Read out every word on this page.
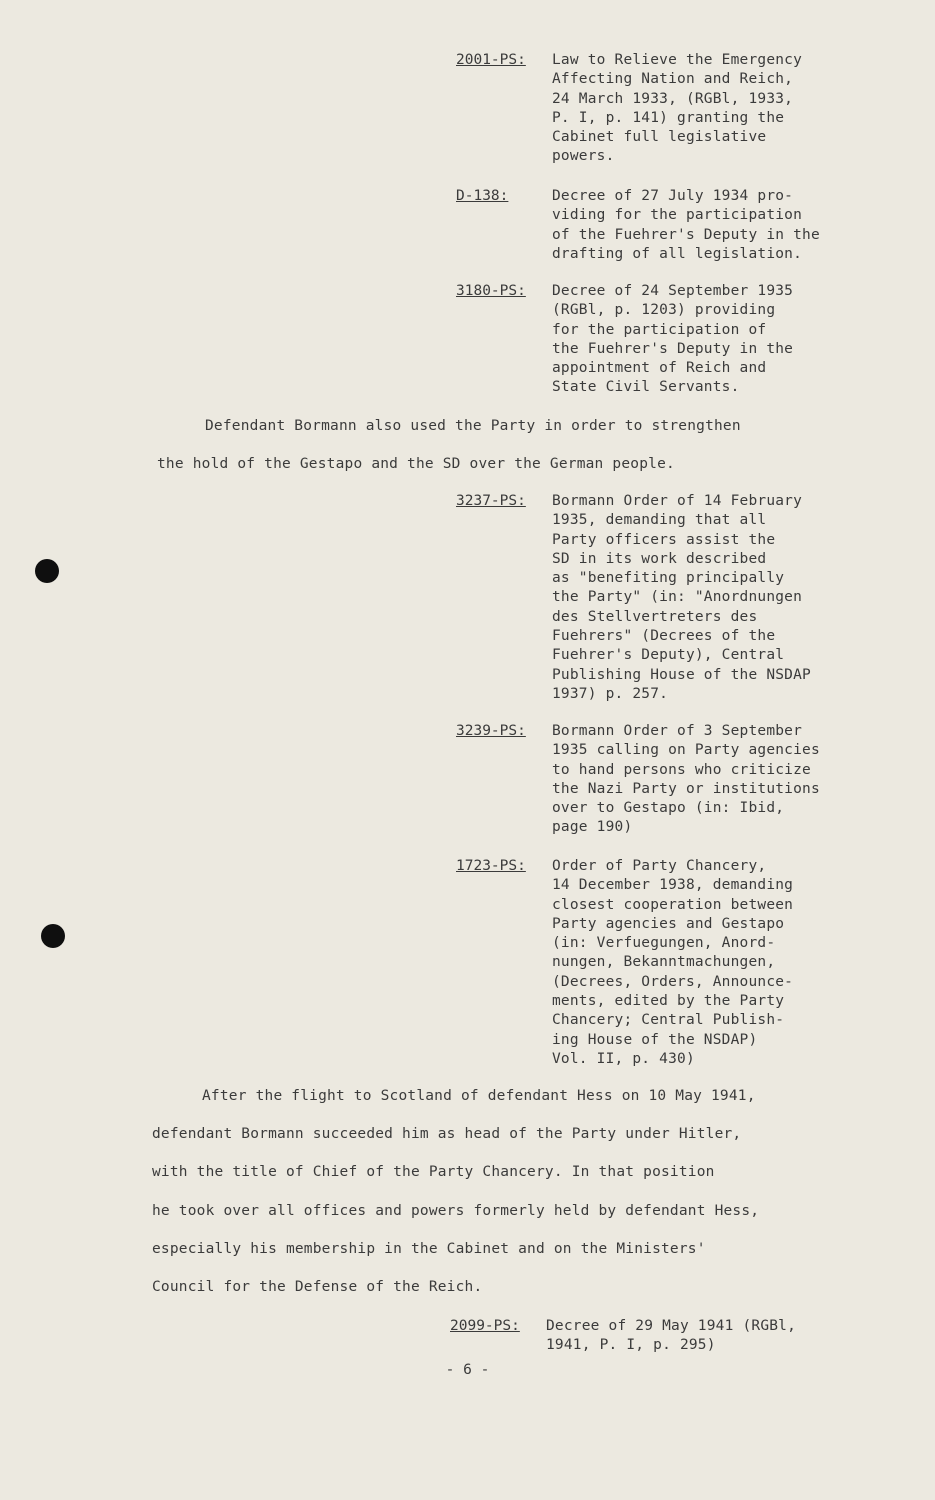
2001-PS:	Law to Relieve the Emergency
Affecting Nation and Reich,
24 March 1933, (RGBl, 1933,
P. I, p. 141) granting the
Cabinet full legislative
powers.
D-138:	Decree of 27 July 1934 pro-
viding for the participation
of the Fuehrer's Deputy in the
drafting of all legislation.
3180-PS:	Decree of 24 September 1935
(RGBl, p. 1203) providing
for the participation of
the Fuehrer's Deputy in the
appointment of Reich and
State Civil Servants.
Defendant Bormann also used the Party in order to strengthen
the hold of the Gestapo and the SD over the German people.
3237-PS:	Bormann Order of 14 February
1935, demanding that all
Party officers assist the
SD in its work described
as "benefiting principally
the Party" (in: "Anordnungen
des Stellvertreters des
Fuehrers" (Decrees of the
Fuehrer's Deputy), Central
Publishing House of the NSDAP
1937) p. 257.
3239-PS:	Bormann Order of 3 September
1935 calling on Party agencies
to hand persons who criticize
the Nazi Party or institutions
over to Gestapo (in: Ibid,
page 190)
1723-PS:	Order of Party Chancery,
14 December 1938, demanding
closest cooperation between
Party agencies and Gestapo
(in: Verfuegungen, Anord-
nungen, Bekanntmachungen,
(Decrees, Orders, Announce-
ments, edited by the Party
Chancery; Central Publish-
ing House of the NSDAP)
Vol. II, p. 430)
After the flight to Scotland of defendant Hess on 10 May 1941,
defendant Bormann succeeded him as head of the Party under Hitler,
with the title of Chief of the Party Chancery. In that position
he took over all offices and powers formerly held by defendant Hess,
especially his membership in the Cabinet and on the Ministers'
Council for the Defense of the Reich.
2099-PS:	Decree of 29 May 1941 (RGBl,
1941, P. I, p. 295)
- 6 -
